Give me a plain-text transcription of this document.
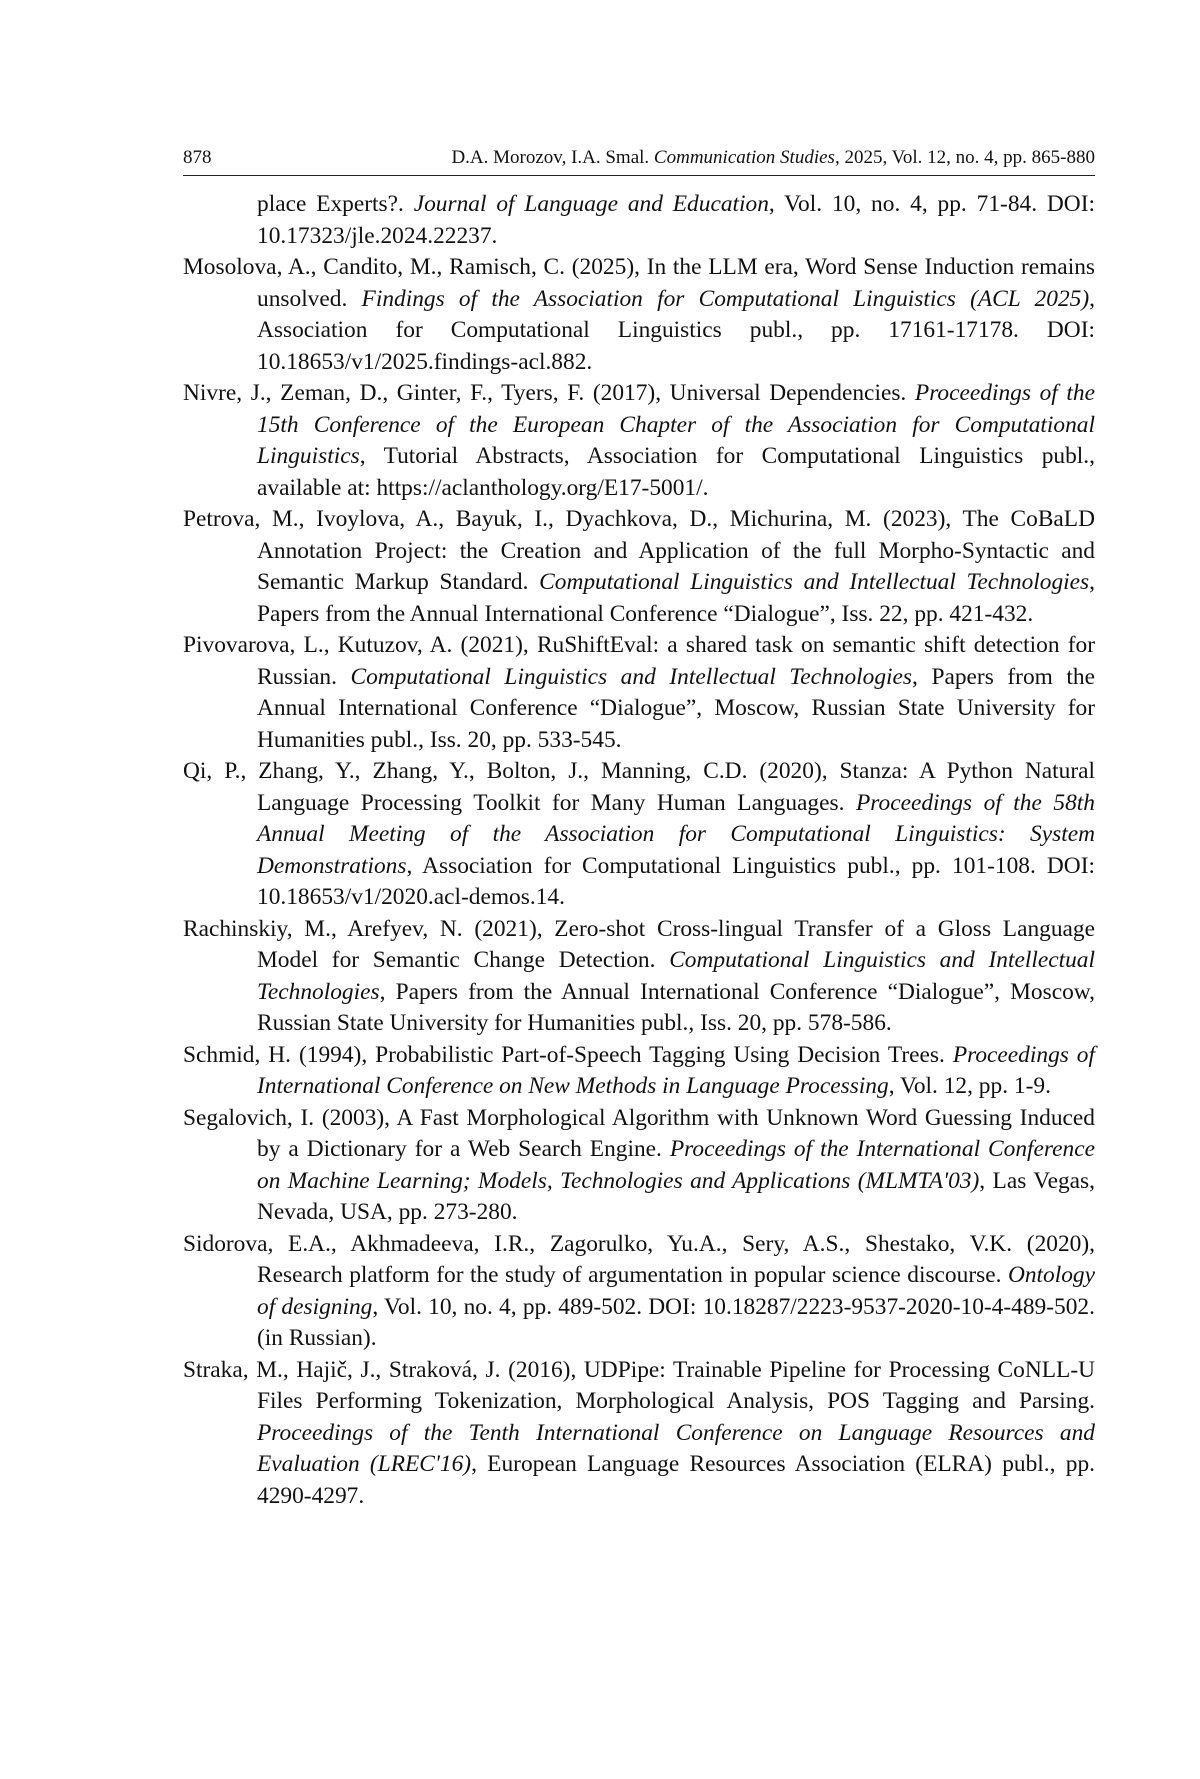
878	D.A. Morozov, I.A. Smal. Communication Studies, 2025, Vol. 12, no. 4, pp. 865-880

place Experts?. Journal of Language and Education, Vol. 10, no. 4, pp. 71-84. DOI: 10.17323/jle.2024.22237.

Mosolova, A., Candito, M., Ramisch, C. (2025), In the LLM era, Word Sense Induction remains unsolved. Findings of the Association for Computational Linguistics (ACL 2025), Association for Computational Linguistics publ., pp. 17161-17178. DOI: 10.18653/v1/2025.findings-acl.882.

Nivre, J., Zeman, D., Ginter, F., Tyers, F. (2017), Universal Dependencies. Proceedings of the 15th Conference of the European Chapter of the Association for Computational Linguistics, Tutorial Abstracts, Association for Computational Linguistics publ., available at: https://aclanthology.org/E17-5001/.

Petrova, M., Ivoylova, A., Bayuk, I., Dyachkova, D., Michurina, M. (2023), The CoBaLD Annotation Project: the Creation and Application of the full Morpho-Syntactic and Semantic Markup Standard. Computational Linguistics and Intellectual Technologies, Papers from the Annual International Conference “Dialogue”, Iss. 22, pp. 421-432.

Pivovarova, L., Kutuzov, A. (2021), RuShiftEval: a shared task on semantic shift detection for Russian. Computational Linguistics and Intellectual Technologies, Papers from the Annual International Conference “Dialogue”, Moscow, Russian State University for Humanities publ., Iss. 20, pp. 533-545.

Qi, P., Zhang, Y., Zhang, Y., Bolton, J., Manning, C.D. (2020), Stanza: A Python Natural Language Processing Toolkit for Many Human Languages. Proceedings of the 58th Annual Meeting of the Association for Computational Linguistics: System Demonstrations, Association for Computational Linguistics publ., pp. 101-108. DOI: 10.18653/v1/2020.acl-demos.14.

Rachinskiy, M., Arefyev, N. (2021), Zero-shot Cross-lingual Transfer of a Gloss Language Model for Semantic Change Detection. Computational Linguistics and Intellectual Technologies, Papers from the Annual International Conference “Dialogue”, Moscow, Russian State University for Humanities publ., Iss. 20, pp. 578-586.

Schmid, H. (1994), Probabilistic Part-of-Speech Tagging Using Decision Trees. Proceedings of International Conference on New Methods in Language Processing, Vol. 12, pp. 1-9.

Segalovich, I. (2003), A Fast Morphological Algorithm with Unknown Word Guessing Induced by a Dictionary for a Web Search Engine. Proceedings of the International Conference on Machine Learning; Models, Technologies and Applications (MLMTA'03), Las Vegas, Nevada, USA, pp. 273-280.

Sidorova, E.A., Akhmadeeva, I.R., Zagorulko, Yu.A., Sery, A.S., Shestako, V.K. (2020), Research platform for the study of argumentation in popular science discourse. Ontology of designing, Vol. 10, no. 4, pp. 489-502. DOI: 10.18287/2223-9537-2020-10-4-489-502. (in Russian).

Straka, M., Hajič, J., Straková, J. (2016), UDPipe: Trainable Pipeline for Processing CoNLL-U Files Performing Tokenization, Morphological Analysis, POS Tagging and Parsing. Proceedings of the Tenth International Conference on Language Resources and Evaluation (LREC'16), European Language Resources Association (ELRA) publ., pp. 4290-4297.
